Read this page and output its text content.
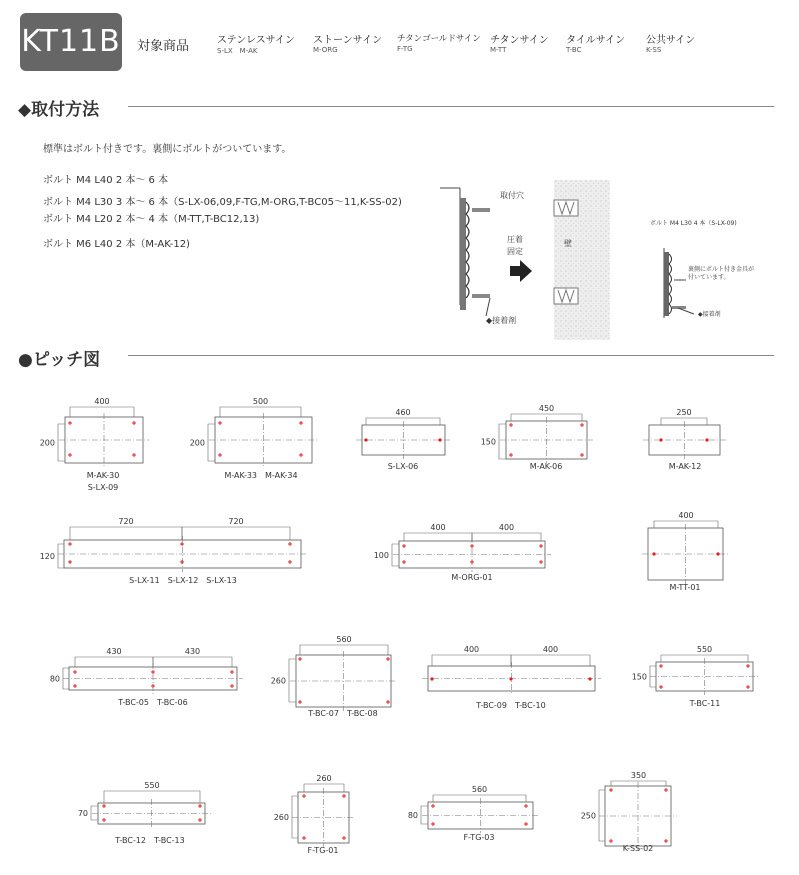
KT11B 対象商品	ステンレスサイン
S-LX　M-AK
ストーンサイン
M-ORG
チタンゴールドサイン
F-TG
チタンサイン
M-TT
タイルサイン
T-BC
公共サイン
K-SS
◆取付方法
標準はボルト付きです。裏側にボルトがついています。
ボルト M4 L40 2 本〜 6 本
ボルト M4 L30 3 本〜 6 本（S-LX-06,09,F-TG,M-ORG,T-BC05〜11,K-SS-02)
ボルト M4 L20 2 本〜 4 本（M-TT,T-BC12,13)
ボルト M6 L40 2 本（M-AK-12)
取付穴
圧着
固定
壁
◆接着剤
ボルト M4 L30 4 本（S-LX-09)
裏側にボルト付き金具が
付いています。
◆接着剤
●ピッチ図
400
200
M-AK-30
S-LX-09
500
200
M-AK-33　M-AK-34
460
S-LX-06
450
150
M-AK-06
250
M-AK-12
720	720
120
S-LX-11　S-LX-12　S-LX-13
400	400
100
M-ORG-01
400
M-TT-01
430	430
80
T-BC-05　T-BC-06
560
260
T-BC-07　T-BC-08
400	400
T-BC-09　T-BC-10
550
150
T-BC-11
550
70
T-BC-12　T-BC-13
260
260
F-TG-01
560
80
F-TG-03
350
250
K-SS-02
